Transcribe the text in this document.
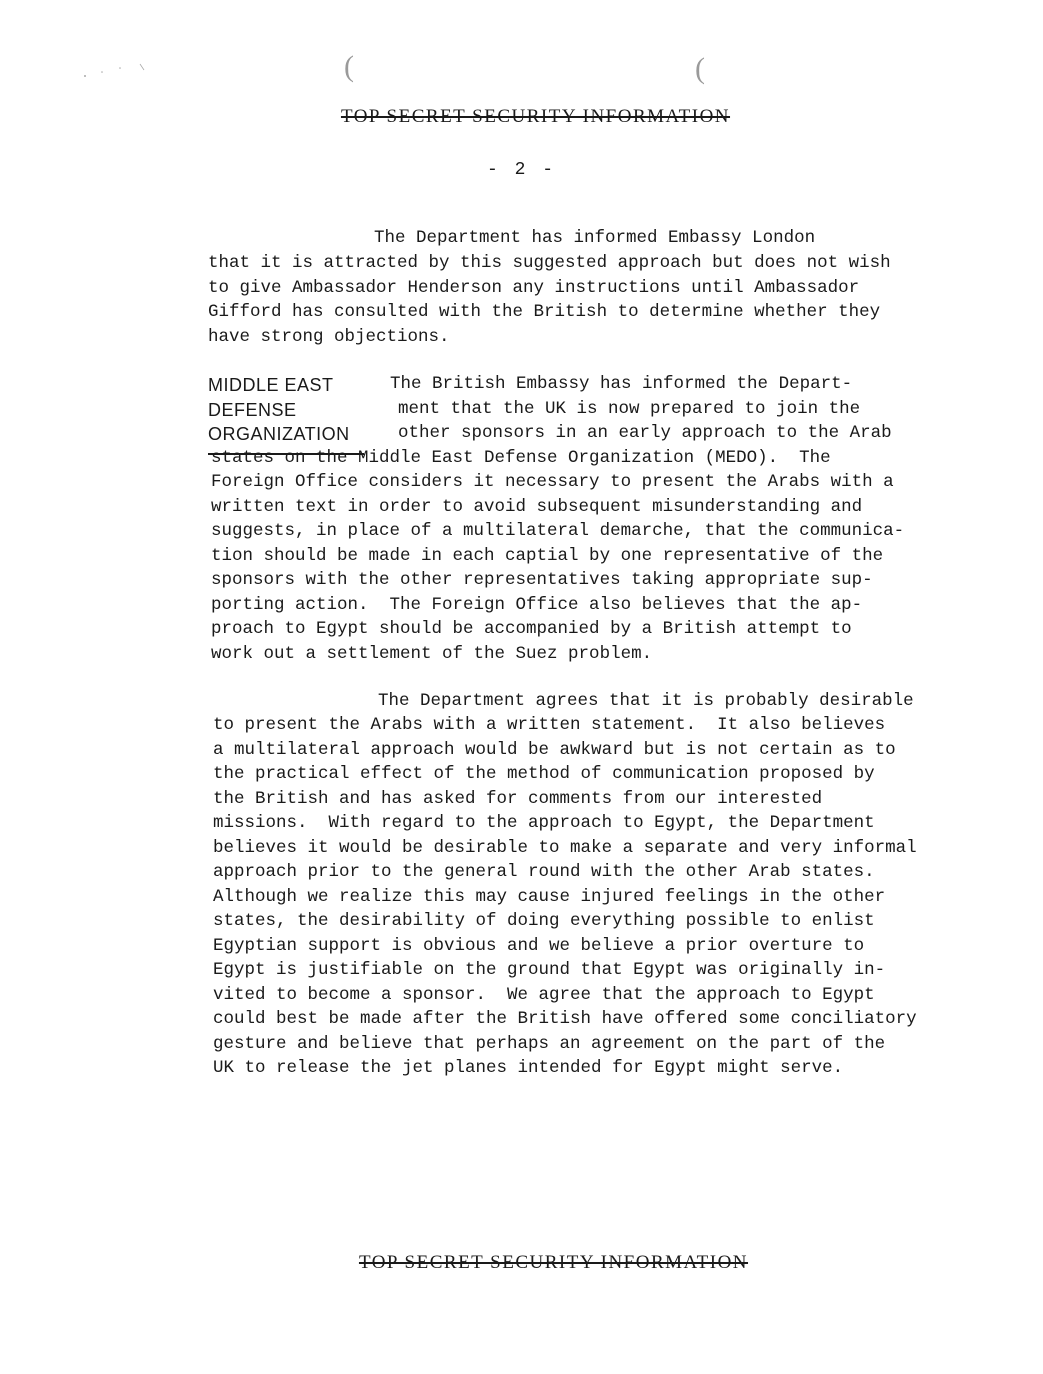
(	(
TOP SECRET SECURITY INFORMATION
- 2 -
The Department has informed Embassy London
that it is attracted by this suggested approach but does not wish
to give Ambassador Henderson any instructions until Ambassador
Gifford has consulted with the British to determine whether they
have strong objections.
MIDDLE EAST
DEFENSE
ORGANIZATION
The British Embassy has informed the Depart-
ment that the UK is now prepared to join the
other sponsors in an early approach to the Arab
states on the Middle East Defense Organization (MEDO).  The
Foreign Office considers it necessary to present the Arabs with a
written text in order to avoid subsequent misunderstanding and
suggests, in place of a multilateral demarche, that the communica-
tion should be made in each captial by one representative of the
sponsors with the other representatives taking appropriate sup-
porting action.  The Foreign Office also believes that the ap-
proach to Egypt should be accompanied by a British attempt to
work out a settlement of the Suez problem.
The Department agrees that it is probably desirable
to present the Arabs with a written statement.  It also believes
a multilateral approach would be awkward but is not certain as to
the practical effect of the method of communication proposed by
the British and has asked for comments from our interested
missions.  With regard to the approach to Egypt, the Department
believes it would be desirable to make a separate and very informal
approach prior to the general round with the other Arab states.
Although we realize this may cause injured feelings in the other
states, the desirability of doing everything possible to enlist
Egyptian support is obvious and we believe a prior overture to
Egypt is justifiable on the ground that Egypt was originally in-
vited to become a sponsor.  We agree that the approach to Egypt
could best be made after the British have offered some conciliatory
gesture and believe that perhaps an agreement on the part of the
UK to release the jet planes intended for Egypt might serve.
TOP SECRET SECURITY INFORMATION
